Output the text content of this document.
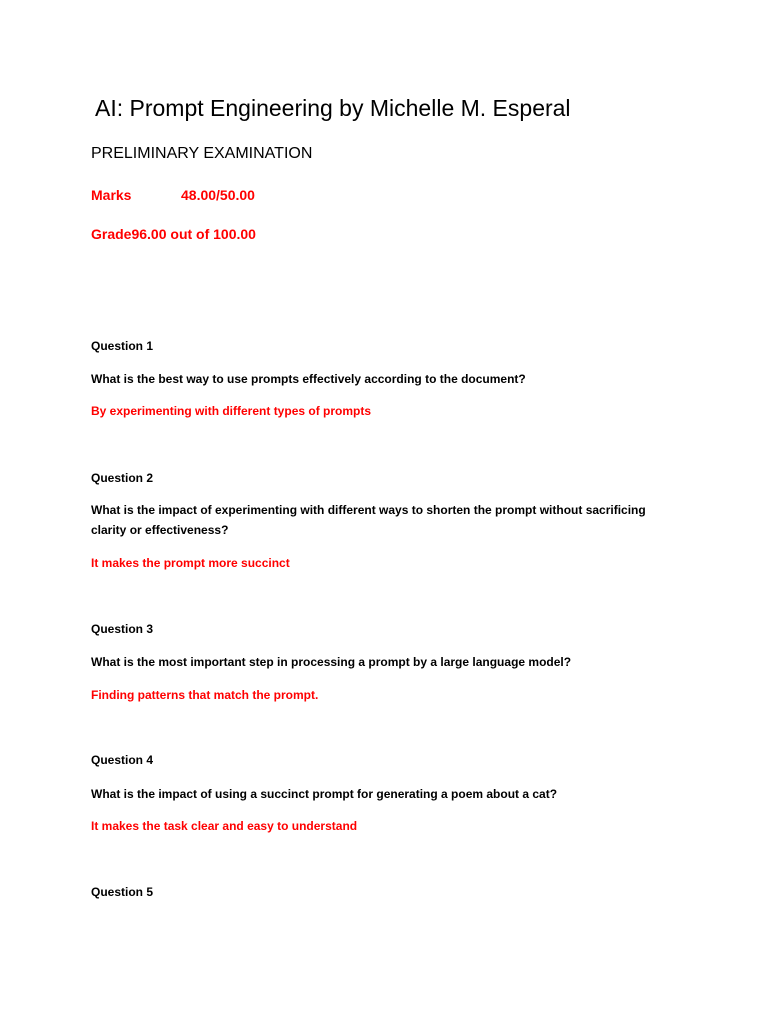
AI: Prompt Engineering by Michelle M. Esperal
PRELIMINARY EXAMINATION
Marks	48.00/50.00
Grade96.00 out of 100.00
Question 1
What is the best way to use prompts effectively according to the document?
By experimenting with different types of prompts
Question 2
What is the impact of experimenting with different ways to shorten the prompt without sacrificing clarity or effectiveness?
It makes the prompt more succinct
Question 3
What is the most important step in processing a prompt by a large language model?
Finding patterns that match the prompt.
Question 4
What is the impact of using a succinct prompt for generating a poem about a cat?
It makes the task clear and easy to understand
Question 5
